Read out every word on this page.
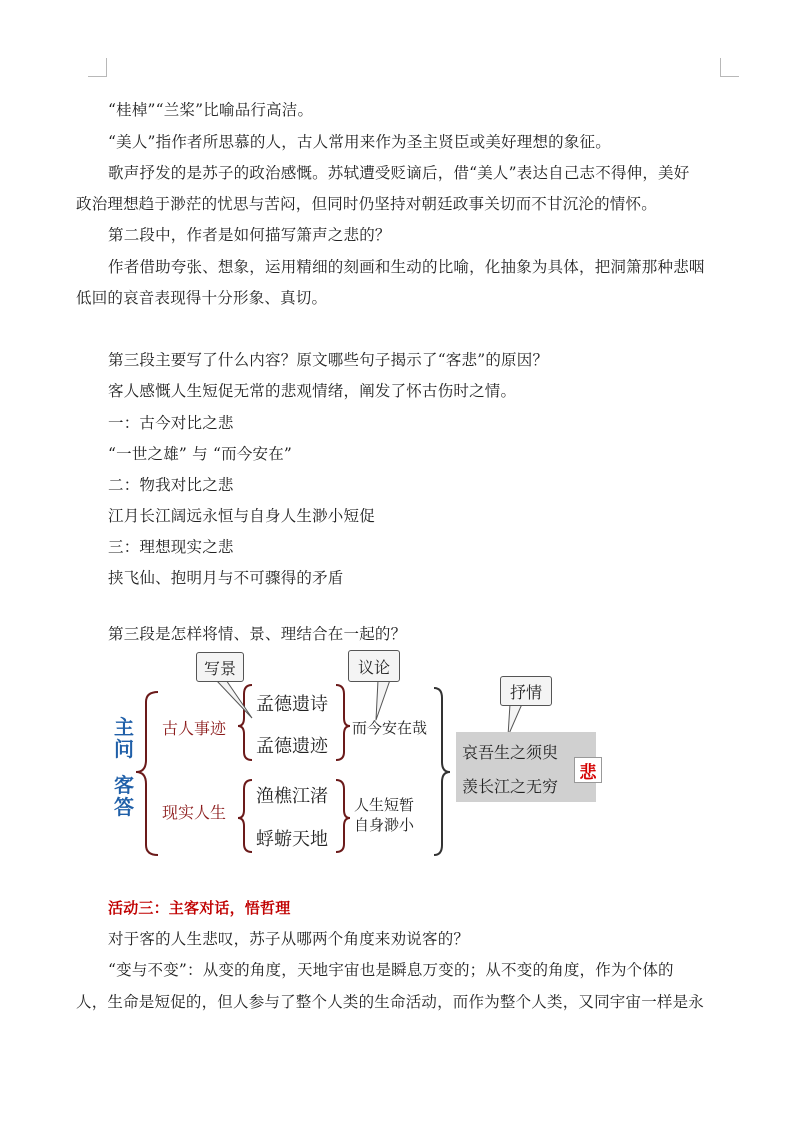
“桂棹”“兰桨”比喻品行高洁。
“美人”指作者所思慕的人，古人常用来作为圣主贤臣或美好理想的象征。
歌声抒发的是苏子的政治感慨。苏轼遭受贬谪后，借“美人”表达自己志不得伸，美好
政治理想趋于渺茫的忧思与苦闷，但同时仍坚持对朝廷政事关切而不甘沉沦的情怀。
第二段中，作者是如何描写箫声之悲的？
作者借助夸张、想象，运用精细的刻画和生动的比喻，化抽象为具体，把洞箫那种悲咽
低回的哀音表现得十分形象、真切。
第三段主要写了什么内容？原文哪些句子揭示了“客悲”的原因？
客人感慨人生短促无常的悲观情绪，阐发了怀古伤时之情。
一：古今对比之悲
“一世之雄” 与 “而今安在”
二：物我对比之悲
江月长江阔远永恒与自身人生渺小短促
三：理想现实之悲
挟飞仙、抱明月与不可骤得的矛盾
第三段是怎样将情、景、理结合在一起的？
主
问
客
答
古人事迹
现实人生
孟德遗诗
孟德遗迹
渔樵江渚
蜉蝣天地
而今安在哉
人生短暂
自身渺小
写景	议论
抒情
哀吾生之须臾
羡长江之无穷
悲
活动三：主客对话，悟哲理
对于客的人生悲叹，苏子从哪两个角度来劝说客的？
“变与不变”：从变的角度，天地宇宙也是瞬息万变的；从不变的角度，作为个体的
人，生命是短促的，但人参与了整个人类的生命活动，而作为整个人类，又同宇宙一样是永
